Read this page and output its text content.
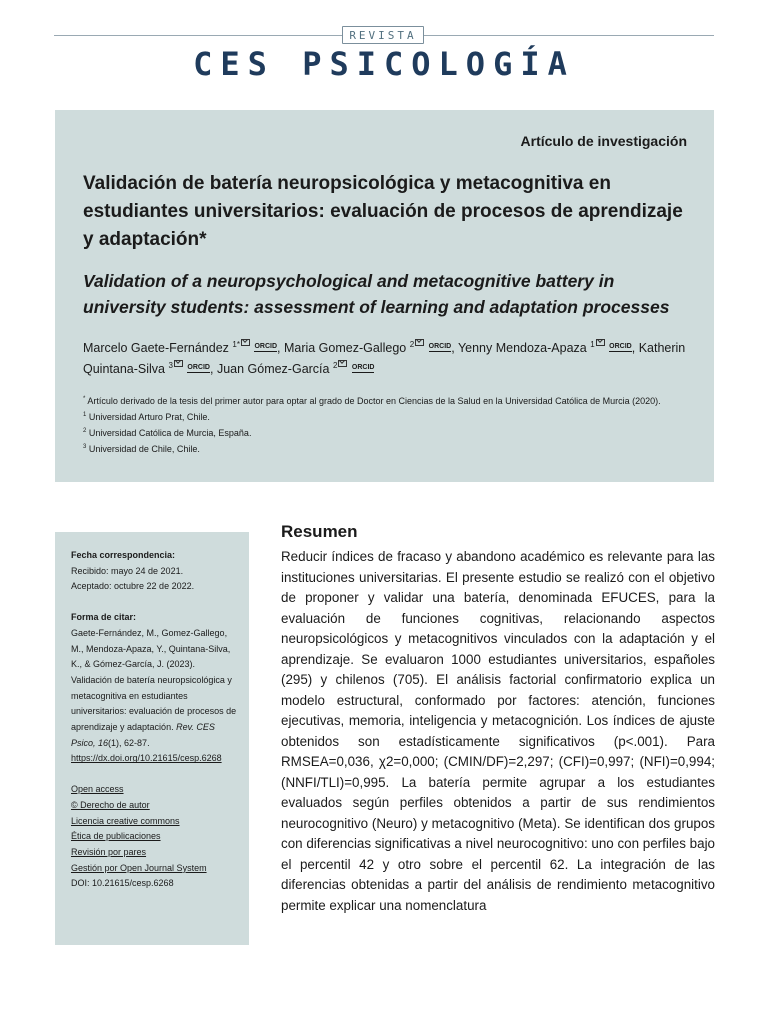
REVISTA
CES PSICOLOGÍA
Artículo de investigación
Validación de batería neuropsicológica y metacognitiva en estudiantes universitarios: evaluación de procesos de aprendizaje y adaptación*
Marcelo Gaete-Fernández $^{1*}$ ORCID, Maria Gomez-Gallego $^2$ ORCID, Yenny Mendoza-Apaza $^1$ ORCID, Katherin Quintana-Silva $^3$ ORCID, Juan Gómez-García $^2$ ORCID

* Artículo derivado de la tesis del primer autor para optar al grado de Doctor en Ciencias de la Salud en la Universidad Católica de Murcia (2020).

$^1$ Universidad Arturo Prat, Chile.

$^2$ Universidad Católica de Murcia, España.

$^3$ Universidad de Chile, Chile.

Validation of a neuropsychological and metacognitive battery in university students: assessment of learning and adaptation processes
Fecha correspondencia:
Recibido: mayo 24 de 2021.
Aceptado: octubre 22 de 2022.
Forma de citar:
Gaete-Fernández, M., Gomez-Gallego, M., Mendoza-Apaza, Y., Quintana-Silva, K., & Gómez-García, J. (2023). Validación de batería neuropsicológica y metacognitiva en estudiantes universitarios: evaluación de procesos de aprendizaje y adaptación. Rev. CES Psico, 16(1), 62-87. https://dx.doi.org/10.21615/cesp.6268
Open access
© Derecho de autor
Licencia creative commons
Ética de publicaciones
Revisión por pares
Gestión por Open Journal System
DOI: 10.21615/cesp.6268
Resumen
Reducir índices de fracaso y abandono académico es relevante para las instituciones universitarias. El presente estudio se realizó con el objetivo de proponer y validar una batería, denominada EFUCES, para la evaluación de funciones cognitivas, relacionando aspectos neuropsicológicos y metacognitivos vinculados con la adaptación y el aprendizaje. Se evaluaron 1000 estudiantes universitarios, españoles (295) y chilenos (705). El análisis factorial confirmatorio explica un modelo estructural, conformado por factores: atención, funciones ejecutivas, memoria, inteligencia y metacognición. Los índices de ajuste obtenidos son estadísticamente significativos (p<.001). Para RMSEA=0,036, χ2=0,000; (CMIN/DF)=2,297; (CFI)=0,997; (NFI)=0,994; (NNFI/TLI)=0,995. La batería permite agrupar a los estudiantes evaluados según perfiles obtenidos a partir de sus rendimientos neurocognitivo (Neuro) y metacognitivo (Meta). Se identifican dos grupos con diferencias significativas a nivel neurocognitivo: uno con perfiles bajo el percentil 42 y otro sobre el percentil 62. La integración de las diferencias obtenidas a partir del análisis de rendimiento metacognitivo permite explicar una nomenclatura
